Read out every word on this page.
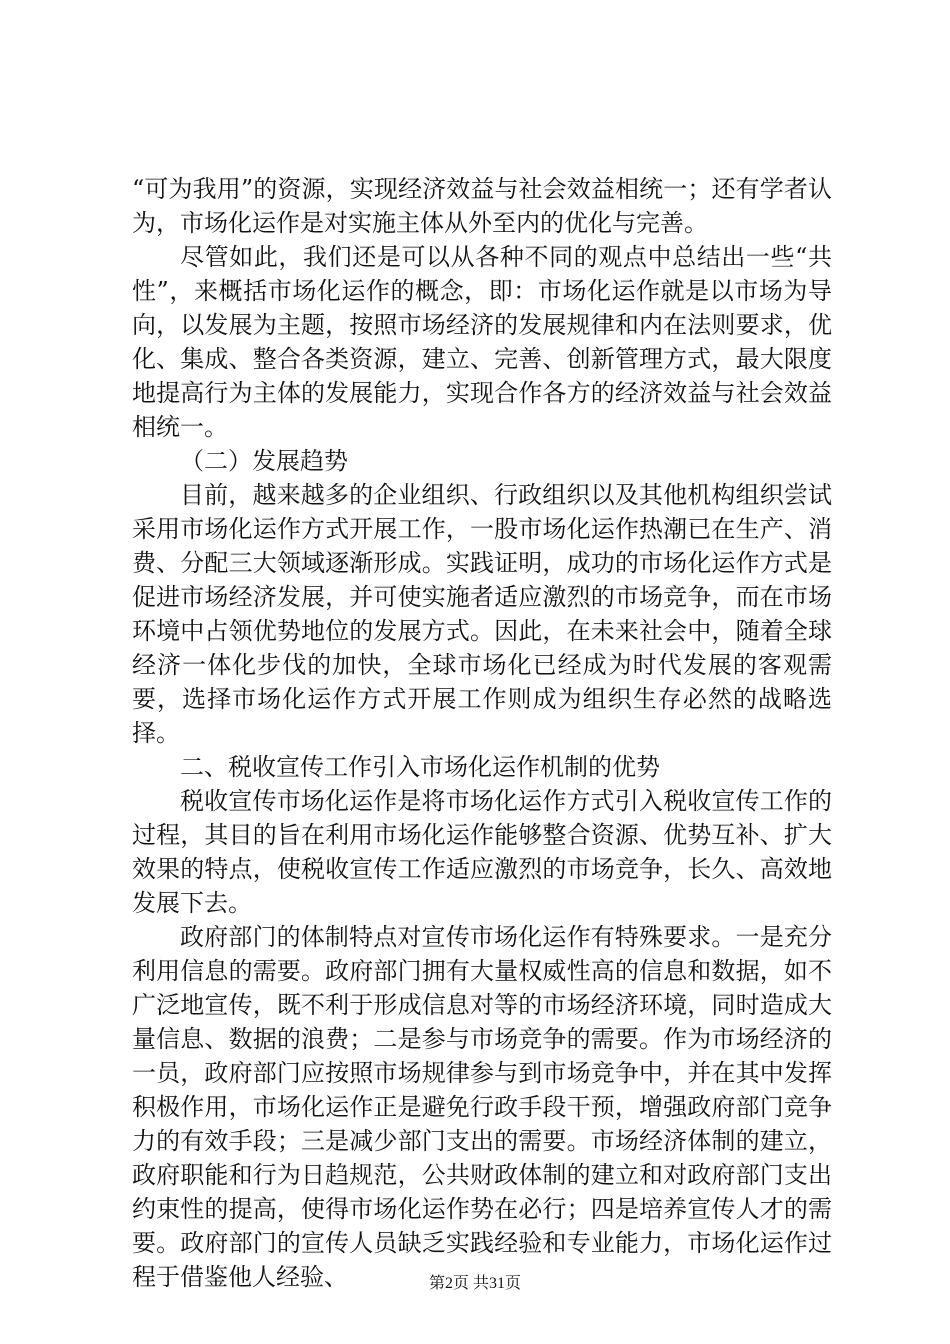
“可为我用”的资源，实现经济效益与社会效益相统一；还有学者认为，市场化运作是对实施主体从外至内的优化与完善。

尽管如此，我们还是可以从各种不同的观点中总结出一些“共性”，来概括市场化运作的概念，即：市场化运作就是以市场为导向，以发展为主题，按照市场经济的发展规律和内在法则要求，优化、集成、整合各类资源，建立、完善、创新管理方式，最大限度地提高行为主体的发展能力，实现合作各方的经济效益与社会效益相统一。

（二）发展趋势

目前，越来越多的企业组织、行政组织以及其他机构组织尝试采用市场化运作方式开展工作，一股市场化运作热潮已在生产、消费、分配三大领域逐渐形成。实践证明，成功的市场化运作方式是促进市场经济发展，并可使实施者适应激烈的市场竞争，而在市场环境中占领优势地位的发展方式。因此，在未来社会中，随着全球经济一体化步伐的加快，全球市场化已经成为时代发展的客观需要，选择市场化运作方式开展工作则成为组织生存必然的战略选择。

二、税收宣传工作引入市场化运作机制的优势

税收宣传市场化运作是将市场化运作方式引入税收宣传工作的过程，其目的旨在利用市场化运作能够整合资源、优势互补、扩大效果的特点，使税收宣传工作适应激烈的市场竞争，长久、高效地发展下去。

政府部门的体制特点对宣传市场化运作有特殊要求。一是充分利用信息的需要。政府部门拥有大量权威性高的信息和数据，如不广泛地宣传，既不利于形成信息对等的市场经济环境，同时造成大量信息、数据的浪费；二是参与市场竞争的需要。作为市场经济的一员，政府部门应按照市场规律参与到市场竞争中，并在其中发挥积极作用，市场化运作正是避免行政手段干预，增强政府部门竞争力的有效手段；三是减少部门支出的需要。市场经济体制的建立，政府职能和行为日趋规范，公共财政体制的建立和对政府部门支出约束性的提高，使得市场化运作势在必行；四是培养宣传人才的需要。政府部门的宣传人员缺乏实践经验和专业能力，市场化运作过程于借鉴他人经验、	第2页 共31页
